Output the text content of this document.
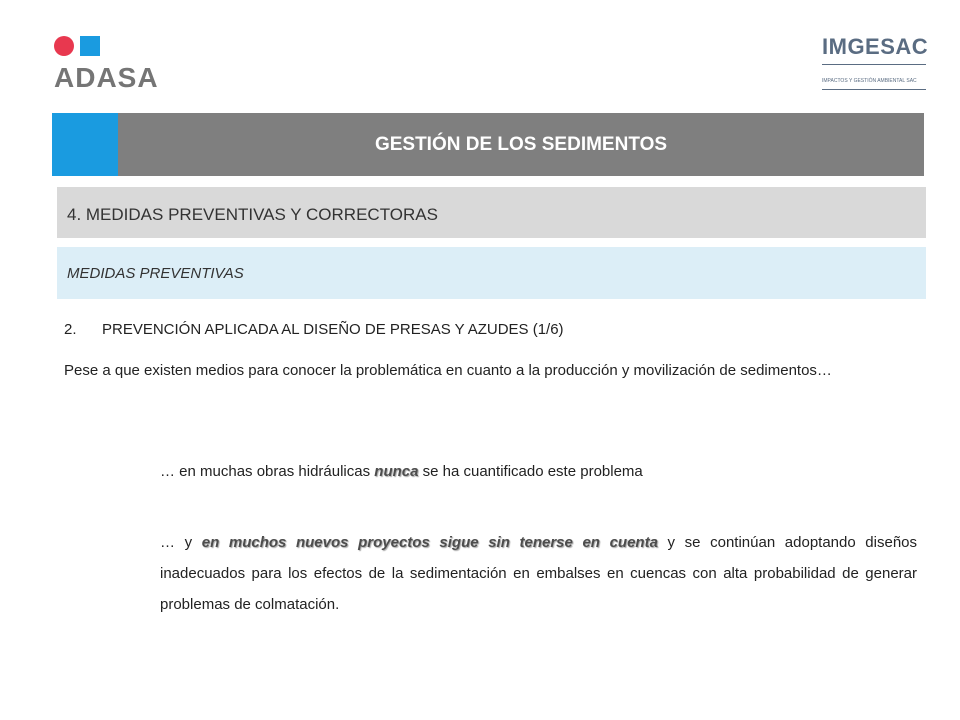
ADASA
IMGESAC
IMPACTOS Y GESTIÓN AMBIENTAL SAC
GESTIÓN DE LOS SEDIMENTOS
4. MEDIDAS PREVENTIVAS Y CORRECTORAS
MEDIDAS PREVENTIVAS
2. PREVENCIÓN APLICADA AL DISEÑO DE PRESAS Y AZUDES (1/6)
Pese a que existen medios para conocer la problemática en cuanto a la producción y movilización de sedimentos…
… en muchas obras hidráulicas nunca se ha cuantificado este problema
… y en muchos nuevos proyectos sigue sin tenerse en cuenta y se continúan adoptando diseños inadecuados para los efectos de la sedimentación en embalses en cuencas con alta probabilidad de generar problemas de colmatación.
